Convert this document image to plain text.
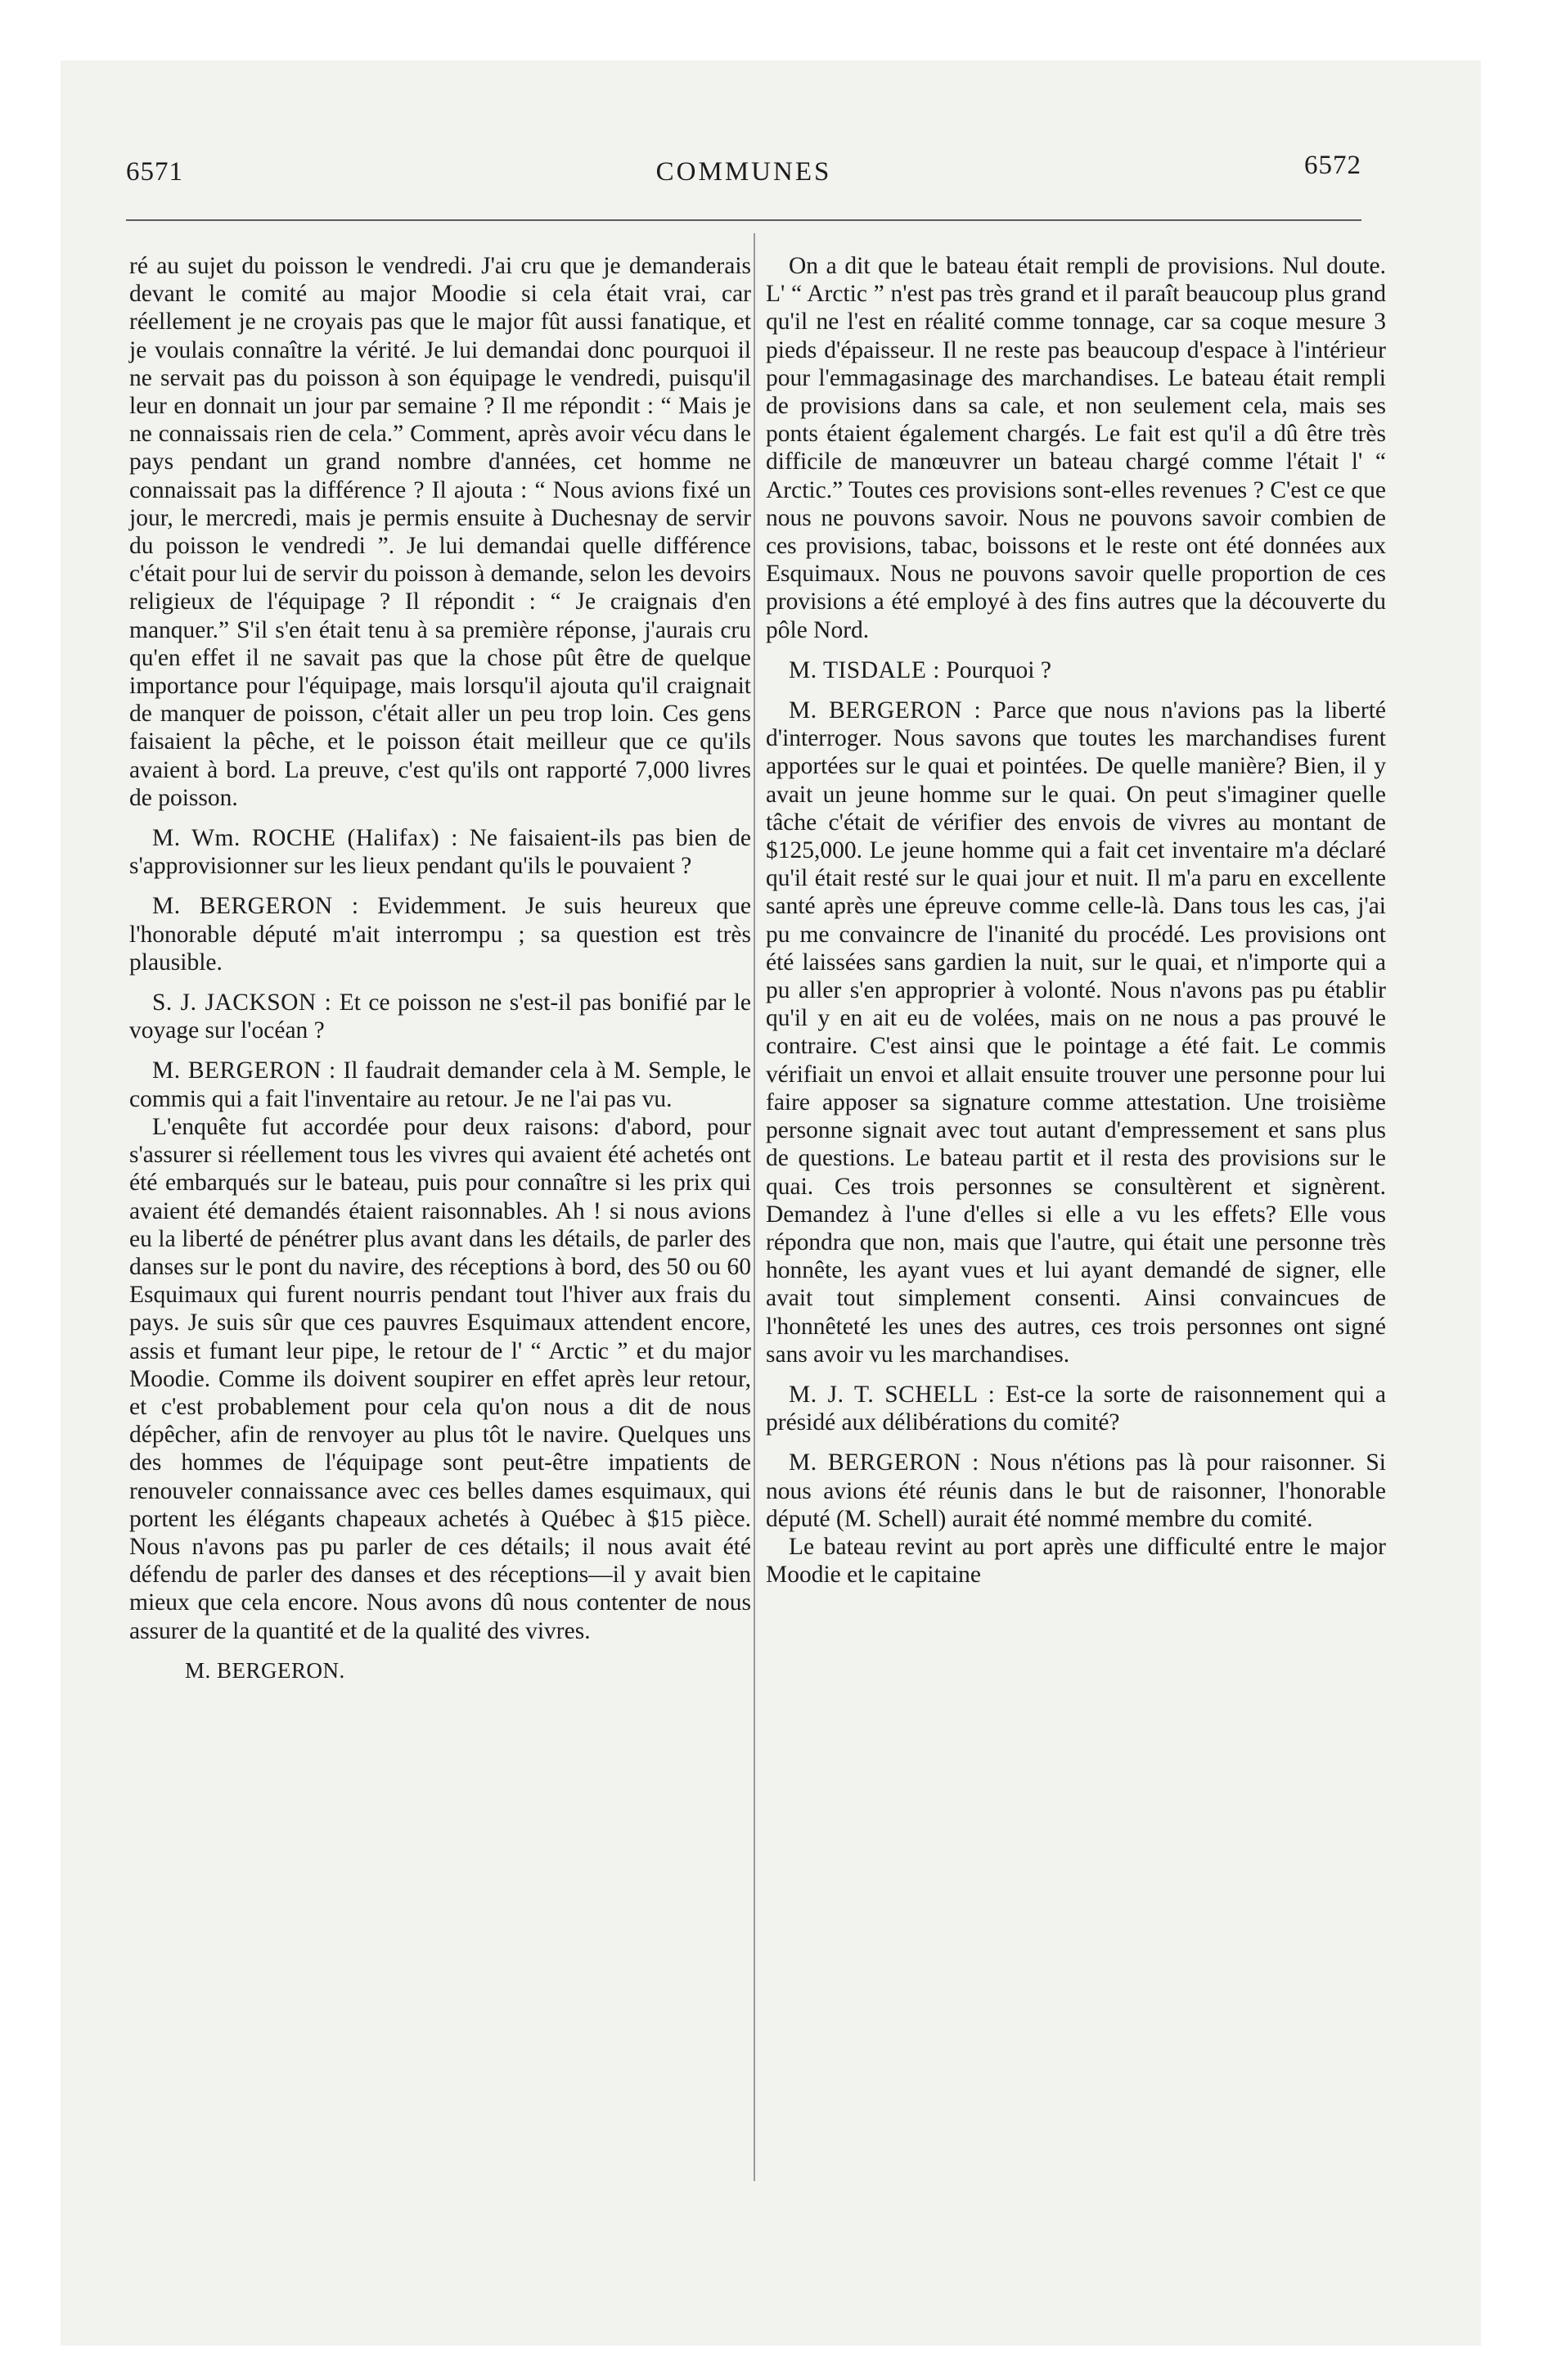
6571	COMMUNES	6572

ré au sujet du poisson le vendredi. J'ai cru que je demanderais devant le comité au major Moodie si cela était vrai, car réellement je ne croyais pas que le major fût aussi fanatique, et je voulais connaître la vérité. Je lui demandai donc pourquoi il ne servait pas du poisson à son équipage le vendredi, puisqu'il leur en donnait un jour par semaine ? Il me répondit : “ Mais je ne connaissais rien de cela.” Comment, après avoir vécu dans le pays pendant un grand nombre d'années, cet homme ne connaissait pas la différence ? Il ajouta : “ Nous avions fixé un jour, le mercredi, mais je permis ensuite à Duchesnay de servir du poisson le vendredi ”. Je lui demandai quelle différence c'était pour lui de servir du poisson à demande, selon les devoirs religieux de l'équipage ? Il répondit : “ Je craignais d'en manquer.” S'il s'en était tenu à sa première réponse, j'aurais cru qu'en effet il ne savait pas que la chose pût être de quelque importance pour l'équipage, mais lorsqu'il ajouta qu'il craignait de manquer de poisson, c'était aller un peu trop loin. Ces gens faisaient la pêche, et le poisson était meilleur que ce qu'ils avaient à bord. La preuve, c'est qu'ils ont rapporté 7,000 livres de poisson.

M. Wm. ROCHE (Halifax) : Ne faisaient-ils pas bien de s'approvisionner sur les lieux pendant qu'ils le pouvaient ?

M. BERGERON : Evidemment. Je suis heureux que l'honorable député m'ait interrompu ; sa question est très plausible.

S. J. JACKSON : Et ce poisson ne s'est-il pas bonifié par le voyage sur l'océan ?

M. BERGERON : Il faudrait demander cela à M. Semple, le commis qui a fait l'inventaire au retour. Je ne l'ai pas vu.

L'enquête fut accordée pour deux raisons: d'abord, pour s'assurer si réellement tous les vivres qui avaient été achetés ont été embarqués sur le bateau, puis pour connaître si les prix qui avaient été demandés étaient raisonnables. Ah ! si nous avions eu la liberté de pénétrer plus avant dans les détails, de parler des danses sur le pont du navire, des réceptions à bord, des 50 ou 60 Esquimaux qui furent nourris pendant tout l'hiver aux frais du pays. Je suis sûr que ces pauvres Esquimaux attendent encore, assis et fumant leur pipe, le retour de l' “ Arctic ” et du major Moodie. Comme ils doivent soupirer en effet après leur retour, et c'est probablement pour cela qu'on nous a dit de nous dépêcher, afin de renvoyer au plus tôt le navire. Quelques uns des hommes de l'équipage sont peut-être impatients de renouveler connaissance avec ces belles dames esquimaux, qui portent les élégants chapeaux achetés à Québec à $15 pièce. Nous n'avons pas pu parler de ces détails; il nous avait été défendu de parler des danses et des réceptions—il y avait bien mieux que cela encore. Nous avons dû nous contenter de nous assurer de la quantité et de la qualité des vivres.

M. BERGERON.

On a dit que le bateau était rempli de provisions. Nul doute. L' “ Arctic ” n'est pas très grand et il paraît beaucoup plus grand qu'il ne l'est en réalité comme tonnage, car sa coque mesure 3 pieds d'épaisseur. Il ne reste pas beaucoup d'espace à l'intérieur pour l'emmagasinage des marchandises. Le bateau était rempli de provisions dans sa cale, et non seulement cela, mais ses ponts étaient également chargés. Le fait est qu'il a dû être très difficile de manœuvrer un bateau chargé comme l'était l' “ Arctic.” Toutes ces provisions sont-elles revenues ? C'est ce que nous ne pouvons savoir. Nous ne pouvons savoir combien de ces provisions, tabac, boissons et le reste ont été données aux Esquimaux. Nous ne pouvons savoir quelle proportion de ces provisions a été employé à des fins autres que la découverte du pôle Nord.

M. TISDALE : Pourquoi ?

M. BERGERON : Parce que nous n'avions pas la liberté d'interroger. Nous savons que toutes les marchandises furent apportées sur le quai et pointées. De quelle manière? Bien, il y avait un jeune homme sur le quai. On peut s'imaginer quelle tâche c'était de vérifier des envois de vivres au montant de $125,000. Le jeune homme qui a fait cet inventaire m'a déclaré qu'il était resté sur le quai jour et nuit. Il m'a paru en excellente santé après une épreuve comme celle-là. Dans tous les cas, j'ai pu me convaincre de l'inanité du procédé. Les provisions ont été laissées sans gardien la nuit, sur le quai, et n'importe qui a pu aller s'en approprier à volonté. Nous n'avons pas pu établir qu'il y en ait eu de volées, mais on ne nous a pas prouvé le contraire. C'est ainsi que le pointage a été fait. Le commis vérifiait un envoi et allait ensuite trouver une personne pour lui faire apposer sa signature comme attestation. Une troisième personne signait avec tout autant d'empressement et sans plus de questions. Le bateau partit et il resta des provisions sur le quai. Ces trois personnes se consultèrent et signèrent. Demandez à l'une d'elles si elle a vu les effets? Elle vous répondra que non, mais que l'autre, qui était une personne très honnête, les ayant vues et lui ayant demandé de signer, elle avait tout simplement consenti. Ainsi convaincues de l'honnêteté les unes des autres, ces trois personnes ont signé sans avoir vu les marchandises.

M. J. T. SCHELL : Est-ce la sorte de raisonnement qui a présidé aux délibérations du comité?

M. BERGERON : Nous n'étions pas là pour raisonner. Si nous avions été réunis dans le but de raisonner, l'honorable député (M. Schell) aurait été nommé membre du comité.

Le bateau revint au port après une difficulté entre le major Moodie et le capitaine
